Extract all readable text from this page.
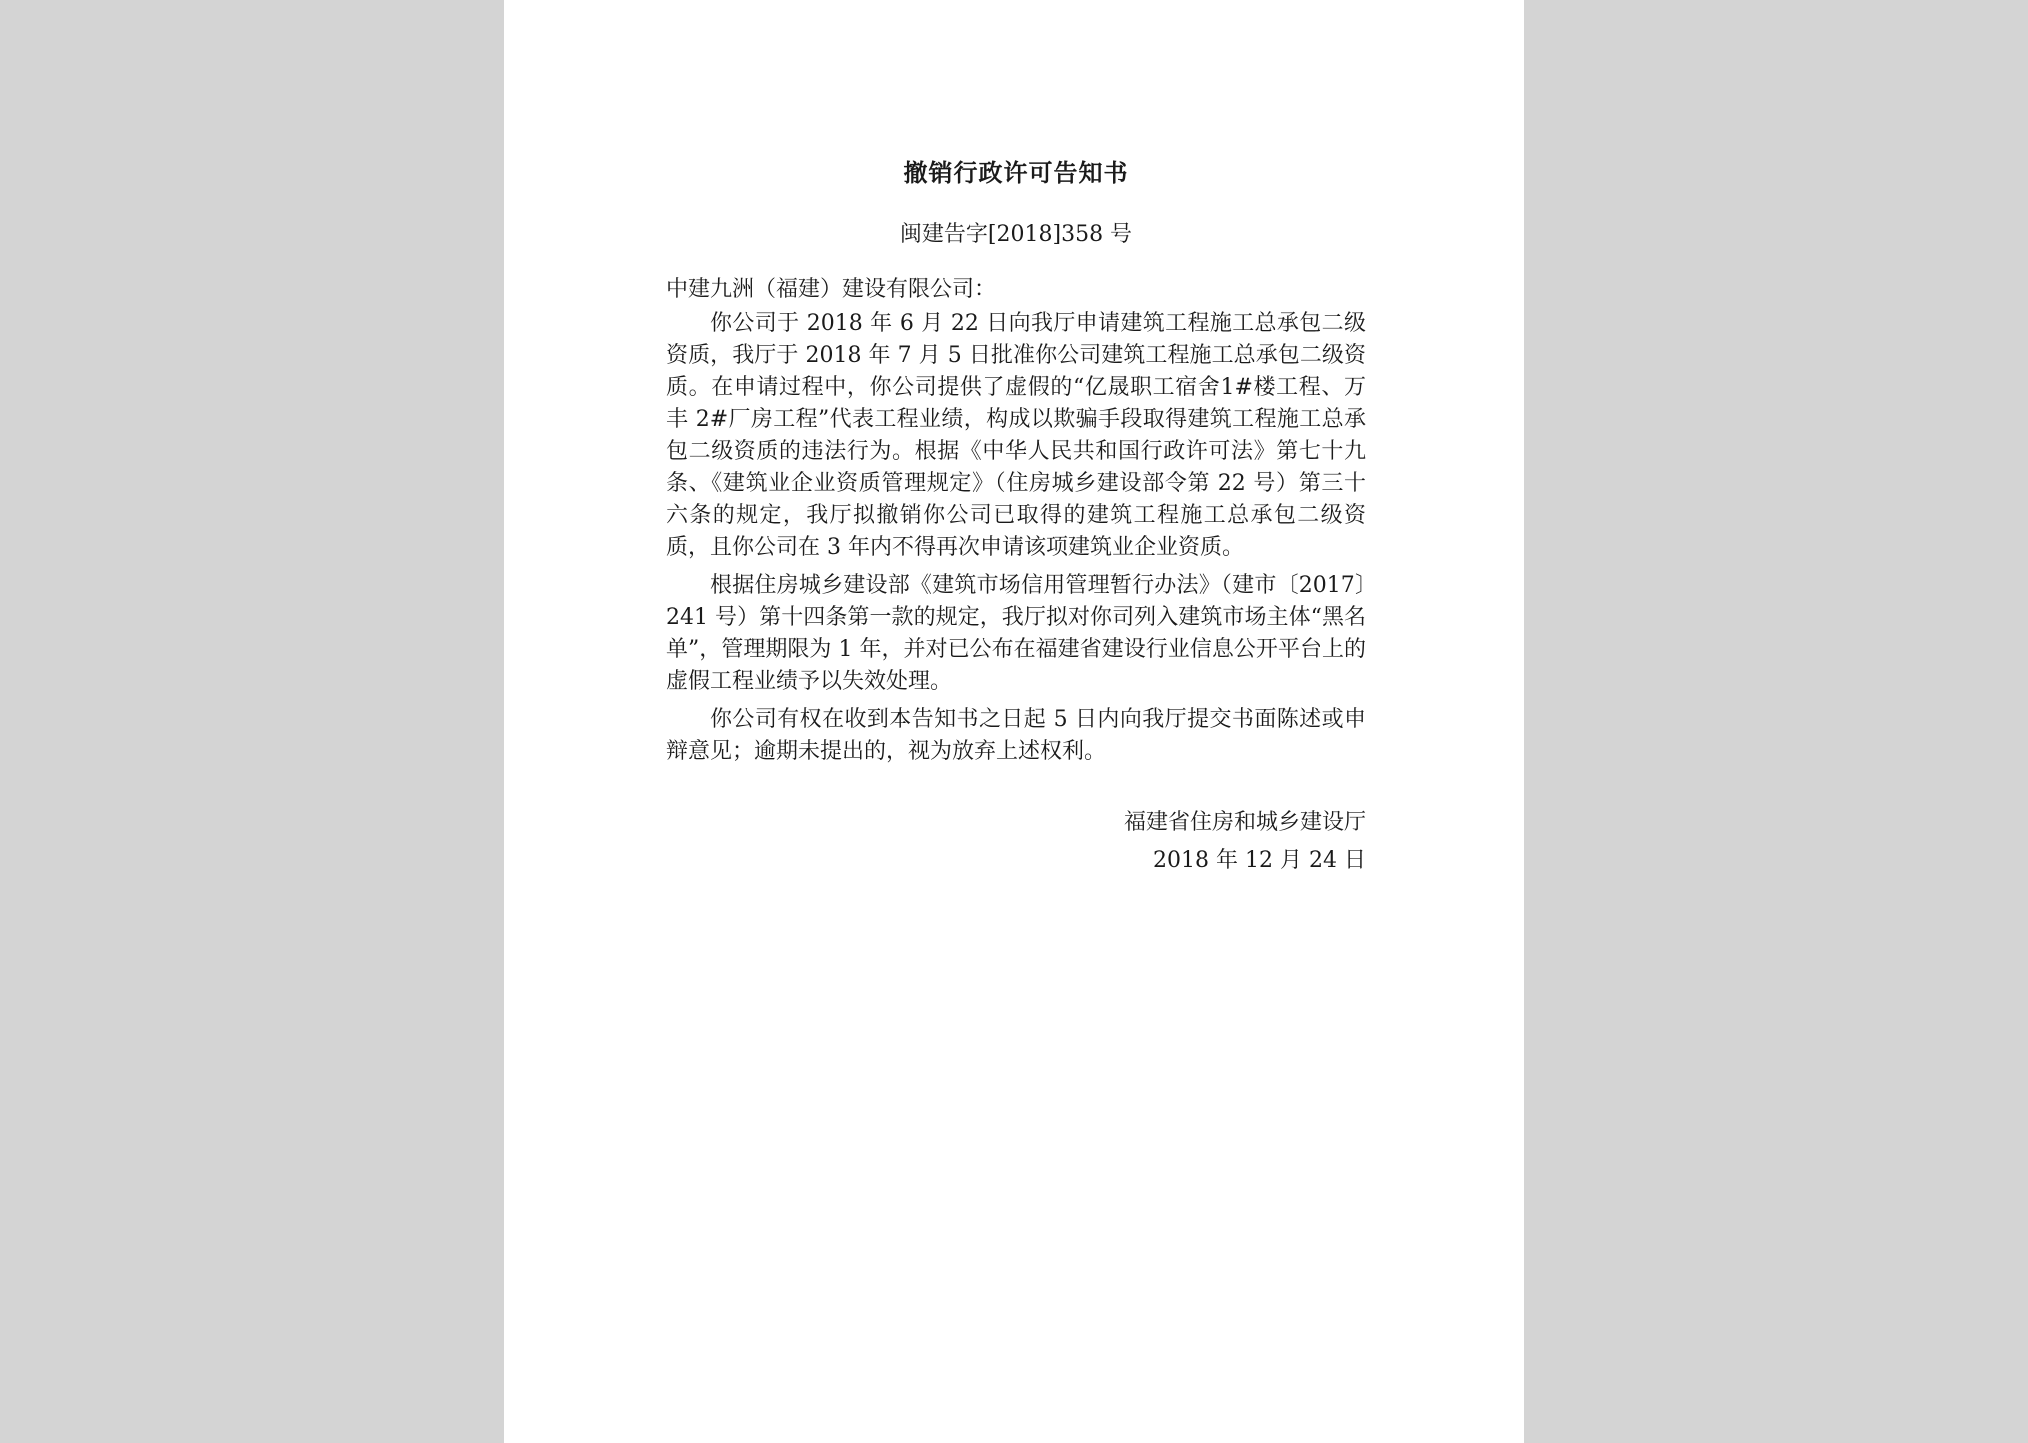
撤销行政许可告知书
闽建告字[2018]358 号
中建九洲（福建）建设有限公司：

你公司于 2018 年 6 月 22 日向我厅申请建筑工程施工总承包二级资质，我厅于 2018 年 7 月 5 日批准你公司建筑工程施工总承包二级资质。在申请过程中，你公司提供了虚假的“亿晟职工宿舍1#楼工程、万丰 2#厂房工程”代表工程业绩，构成以欺骗手段取得建筑工程施工总承包二级资质的违法行为。根据《中华人民共和国行政许可法》第七十九条、《建筑业企业资质管理规定》（住房城乡建设部令第 22 号）第三十六条的规定，我厅拟撤销你公司已取得的建筑工程施工总承包二级资质，且你公司在 3 年内不得再次申请该项建筑业企业资质。

根据住房城乡建设部《建筑市场信用管理暂行办法》（建市〔2017〕241 号）第十四条第一款的规定，我厅拟对你司列入建筑市场主体“黑名单”，管理期限为 1 年，并对已公布在福建省建设行业信息公开平台上的虚假工程业绩予以失效处理。

你公司有权在收到本告知书之日起 5 日内向我厅提交书面陈述或申辩意见；逾期未提出的，视为放弃上述权利。

福建省住房和城乡建设厅
2018 年 12 月 24 日
